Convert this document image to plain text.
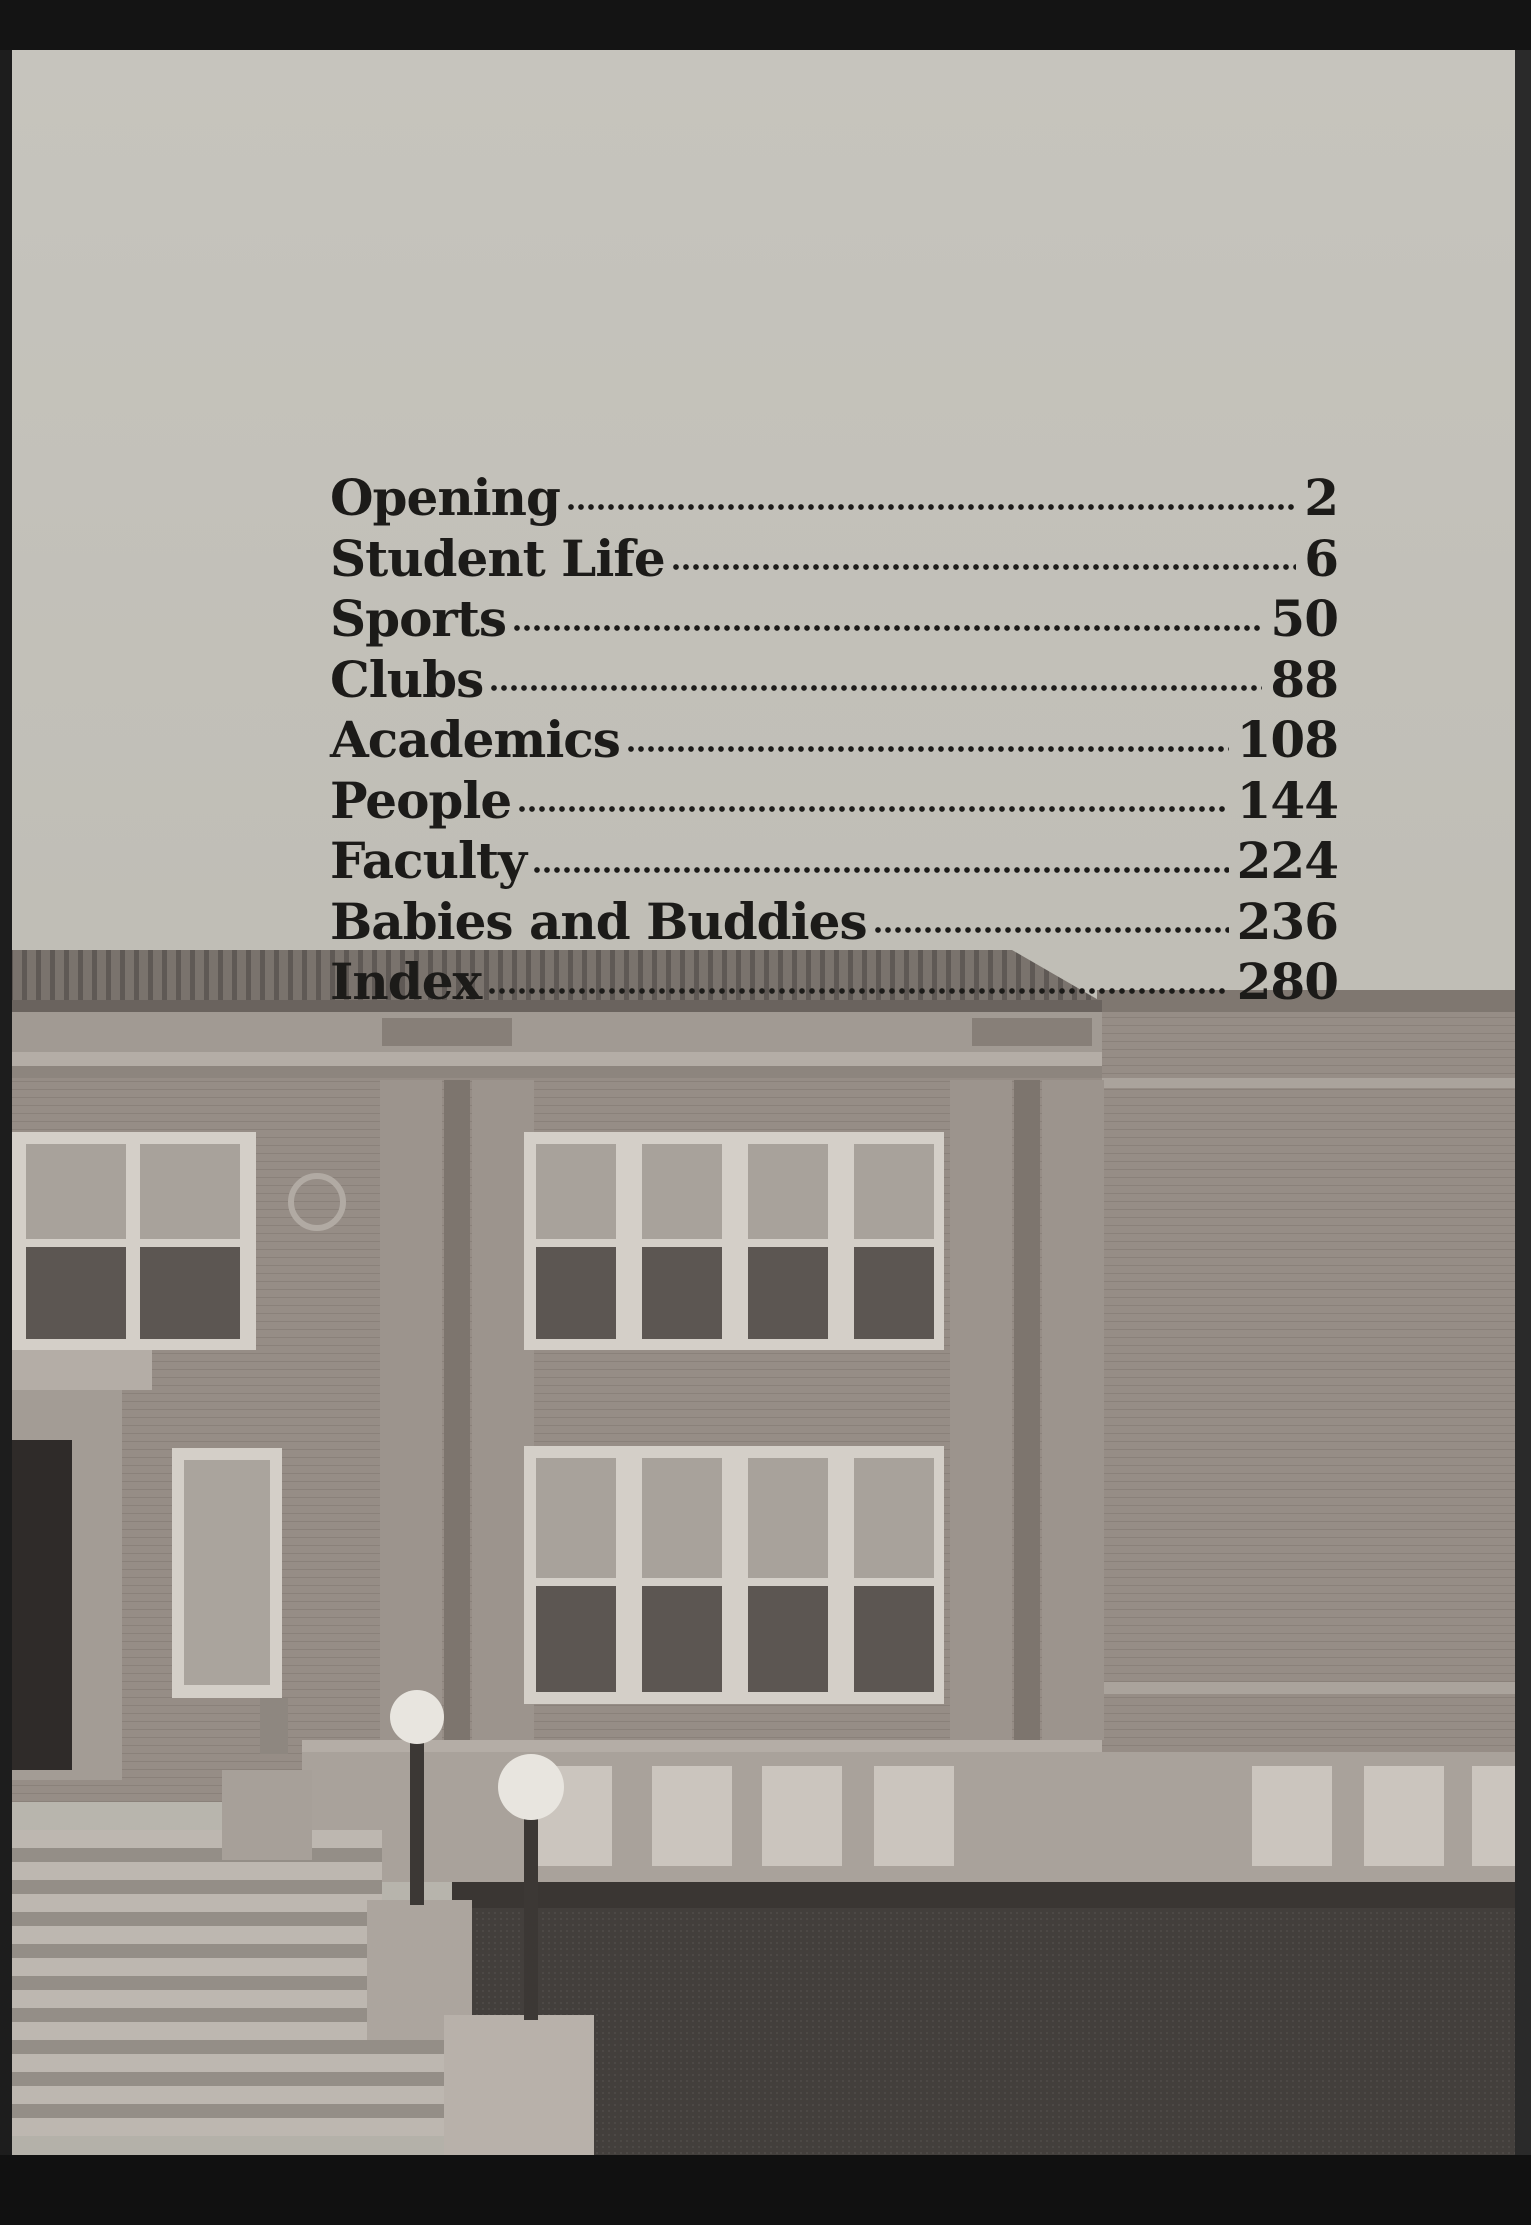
Opening	2
Student Life	6
Sports	50
Clubs	88
Academics	108
People	144
Faculty	224
Babies and Buddies	236
Index	280
